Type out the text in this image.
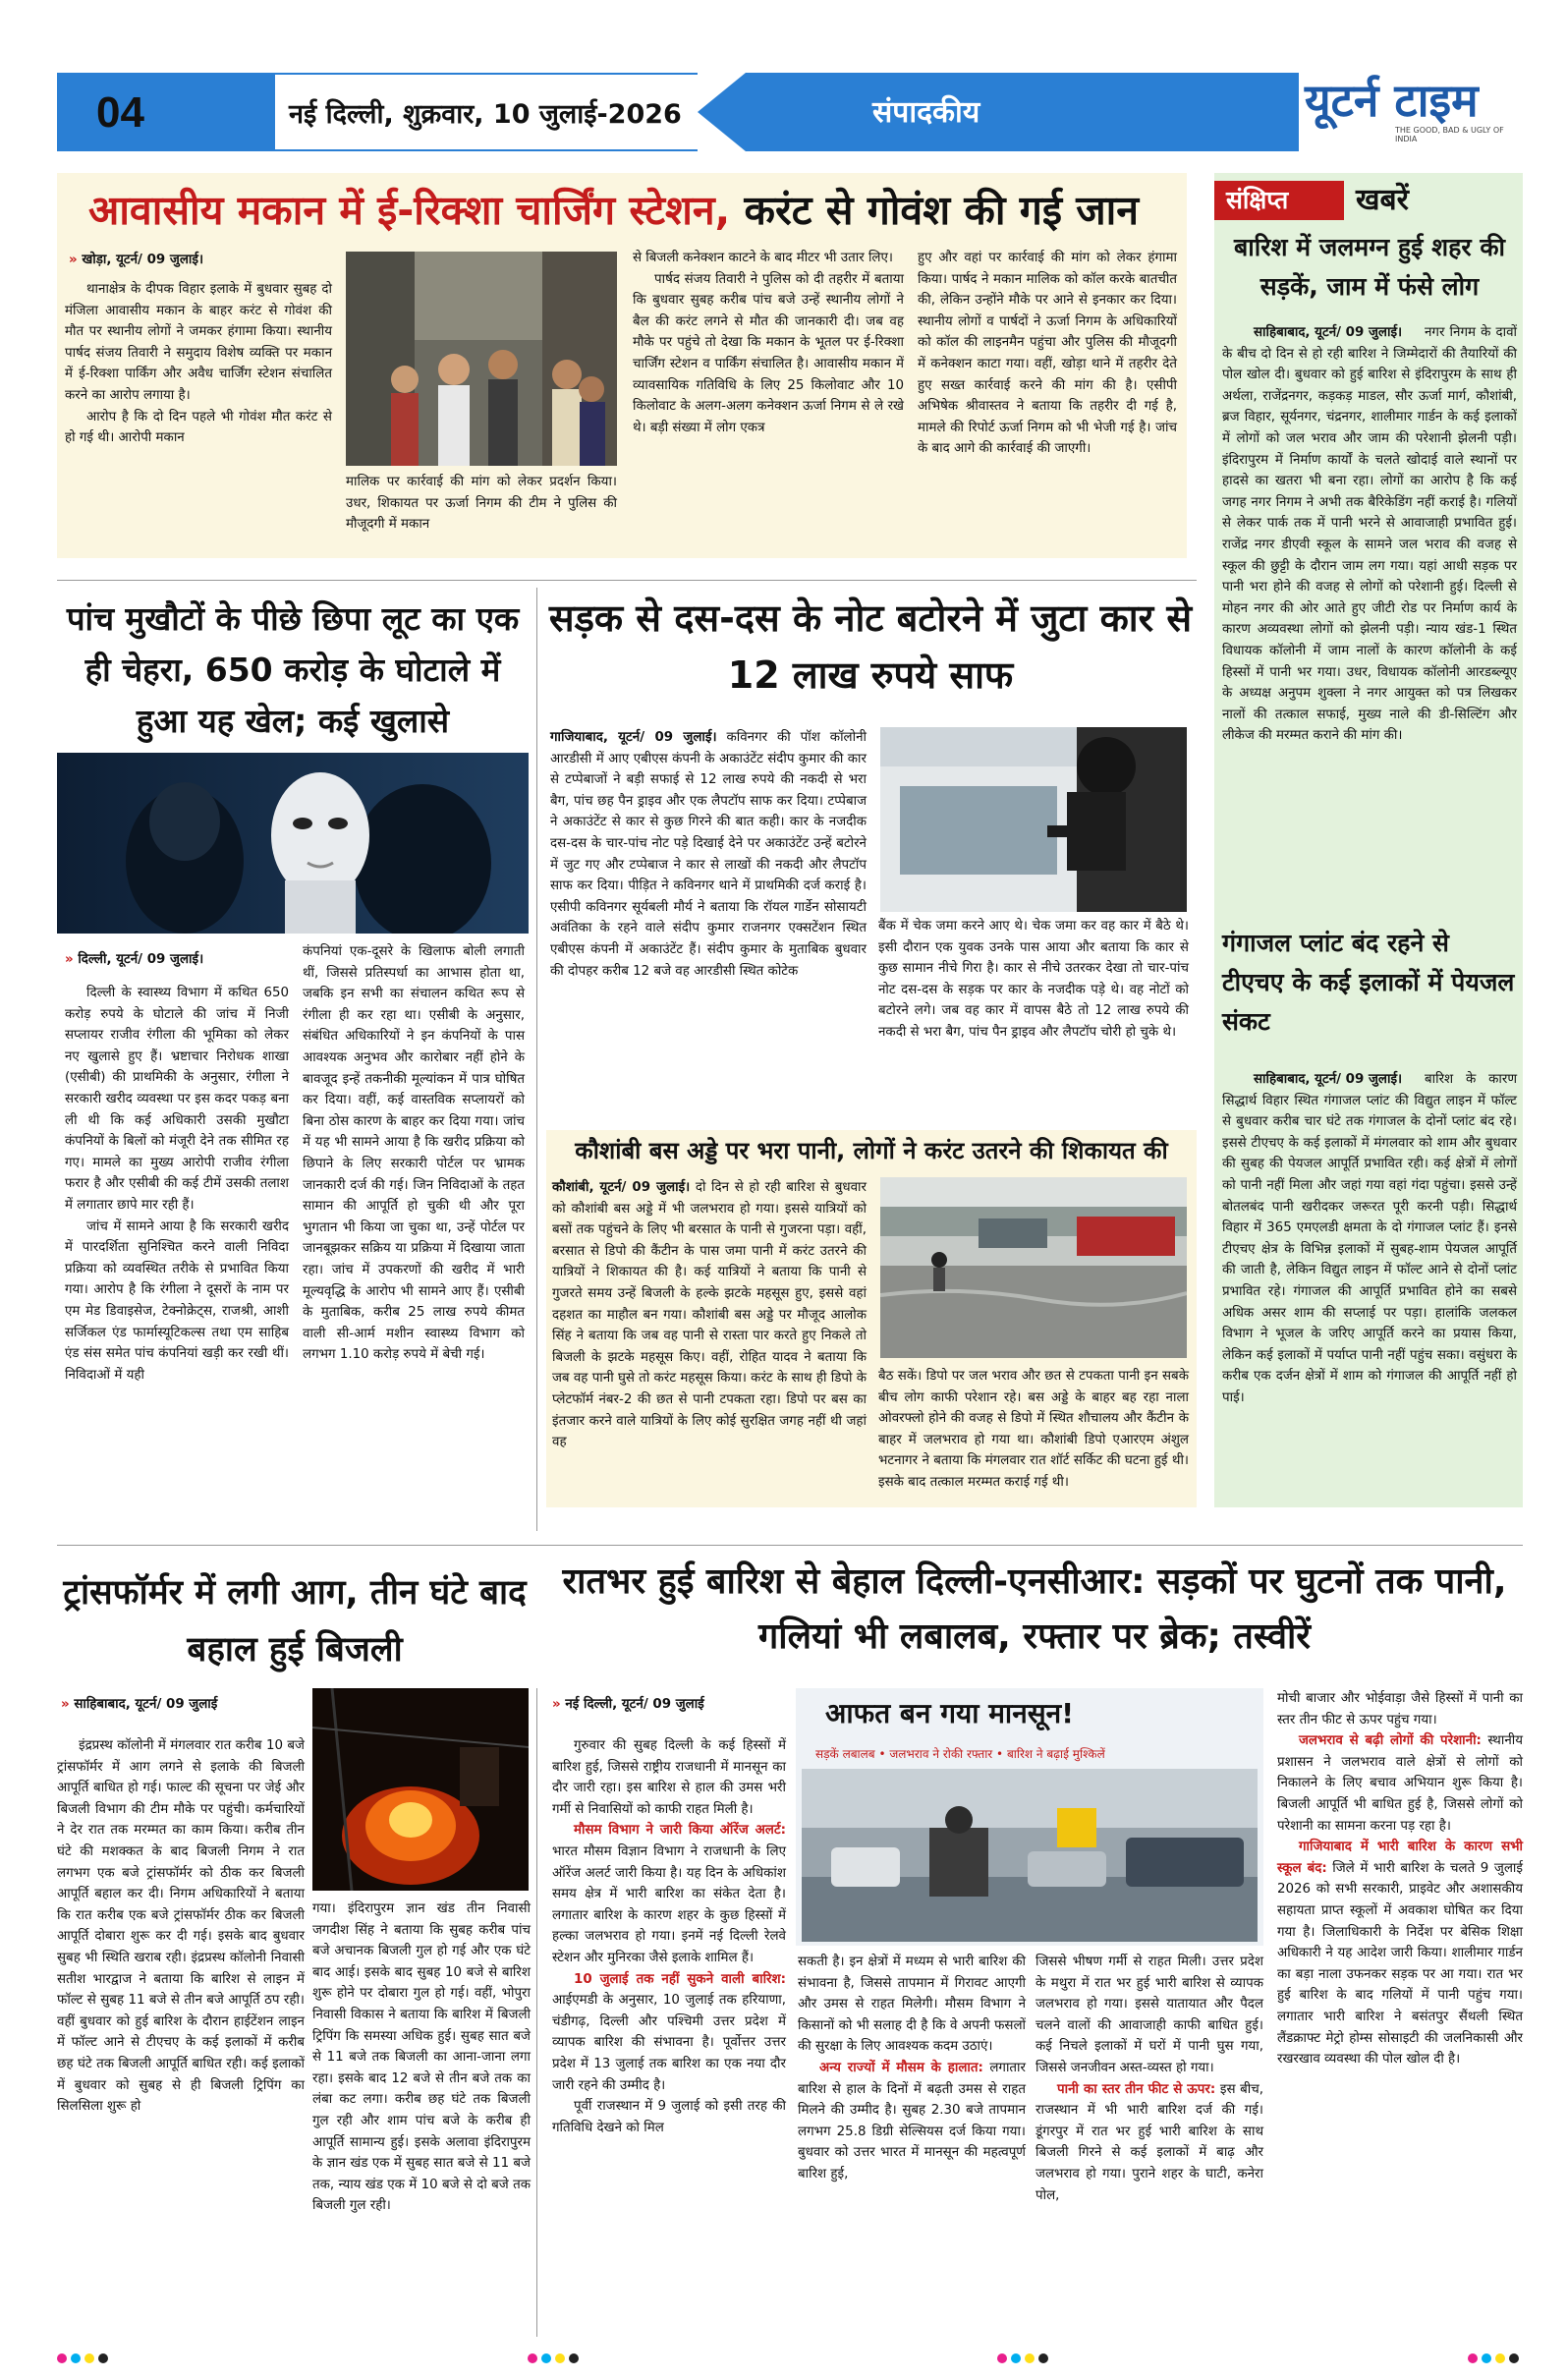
04	नई दिल्ली, शुक्रवार, 10 जुलाई-2026	संपादकीय	यूटर्न टाइम
THE GOOD, BAD & UGLY OF INDIA
आवासीय मकान में ई-रिक्शा चार्जिंग स्टेशन, करंट से गोवंश की गई जान
» खोड़ा, यूटर्न/ 09 जुलाई।

थानाक्षेत्र के दीपक विहार इलाके में बुधवार सुबह दो मंजिला आवासीय मकान के बाहर करंट से गोवंश की मौत पर स्थानीय लोगों ने जमकर हंगामा किया। स्थानीय पार्षद संजय तिवारी ने समुदाय विशेष व्यक्ति पर मकान में ई-रिक्शा पार्किंग और अवैध चार्जिंग स्टेशन संचालित करने का आरोप लगाया है।

आरोप है कि दो दिन पहले भी गोवंश मौत करंट से हो गई थी। आरोपी मकान

मालिक पर कार्रवाई की मांग को लेकर प्रदर्शन किया। उधर, शिकायत पर ऊर्जा निगम की टीम ने पुलिस की मौजूदगी में मकान

से बिजली कनेक्शन काटने के बाद मीटर भी उतार लिए।

पार्षद संजय तिवारी ने पुलिस को दी तहरीर में बताया कि बुधवार सुबह करीब पांच बजे उन्हें स्थानीय लोगों ने बैल की करंट लगने से मौत की जानकारी दी। जब वह मौके पर पहुंचे तो देखा कि मकान के भूतल पर ई-रिक्शा चार्जिंग स्टेशन व पार्किंग संचालित है। आवासीय मकान में व्यावसायिक गतिविधि के लिए 25 किलोवाट और 10 किलोवाट के अलग-अलग कनेक्शन ऊर्जा निगम से ले रखे थे। बड़ी संख्या में लोग एकत्र

हुए और वहां पर कार्रवाई की मांग को लेकर हंगामा किया। पार्षद ने मकान मालिक को कॉल करके बातचीत की, लेकिन उन्होंने मौके पर आने से इनकार कर दिया। स्थानीय लोगों व पार्षदों ने ऊर्जा निगम के अधिकारियों को कॉल की लाइनमैन पहुंचा और पुलिस की मौजूदगी में कनेक्शन काटा गया। वहीं, खोड़ा थाने में तहरीर देते हुए सख्त कार्रवाई करने की मांग की है। एसीपी अभिषेक श्रीवास्तव ने बताया कि तहरीर दी गई है, मामले की रिपोर्ट ऊर्जा निगम को भी भेजी गई है। जांच के बाद आगे की कार्रवाई की जाएगी।

संक्षिप्त	खबरें
बारिश में जलमग्न हुई शहर की सड़कें, जाम में फंसे लोग
साहिबाबाद, यूटर्न/ 09 जुलाई।	नगर निगम के दावों के बीच दो दिन से हो रही बारिश ने जिम्मेदारों की तैयारियों की पोल खोल दी। बुधवार को हुई बारिश से इंदिरापुरम के साथ ही अर्थला, राजेंद्रनगर, कड़कड़ माडल, सौर ऊर्जा मार्ग, कौशांबी, ब्रज विहार, सूर्यनगर, चंद्रनगर, शालीमार गार्डन के कई इलाकों में लोगों को जल भराव और जाम की परेशानी झेलनी पड़ी। इंदिरापुरम में निर्माण कार्यों के चलते खोदाई वाले स्थानों पर हादसे का खतरा भी बना रहा। लोगों का आरोप है कि कई जगह नगर निगम ने अभी तक बैरिकेडिंग नहीं कराई है। गलियों से लेकर पार्क तक में पानी भरने से आवाजाही प्रभावित हुई। राजेंद्र नगर डीएवी स्कूल के सामने जल भराव की वजह से स्कूल की छुट्टी के दौरान जाम लग गया। यहां आधी सड़क पर पानी भरा होने की वजह से लोगों को परेशानी हुई। दिल्ली से मोहन नगर की ओर आते हुए जीटी रोड पर निर्माण कार्य के कारण अव्यवस्था लोगों को झेलनी पड़ी। न्याय खंड-1 स्थित विधायक कॉलोनी में जाम नालों के कारण कॉलोनी के कई हिस्सों में पानी भर गया। उधर, विधायक कॉलोनी आरडब्ल्यूए के अध्यक्ष अनुपम शुक्ला ने नगर आयुक्त को पत्र लिखकर नालों की तत्काल सफाई, मुख्य नाले की डी-सिल्टिंग और लीकेज की मरम्मत कराने की मांग की।

गंगाजल प्लांट बंद रहने से टीएचए के कई इलाकों में पेयजल संकट
साहिबाबाद, यूटर्न/ 09 जुलाई।	बारिश के कारण सिद्धार्थ विहार स्थित गंगाजल प्लांट की विद्युत लाइन में फॉल्ट से बुधवार करीब चार घंटे तक गंगाजल के दोनों प्लांट बंद रहे। इससे टीएचए के कई इलाकों में मंगलवार को शाम और बुधवार की सुबह की पेयजल आपूर्ति प्रभावित रही। कई क्षेत्रों में लोगों को पानी नहीं मिला और जहां गया वहां गंदा पहुंचा। इससे उन्हें बोतलबंद पानी खरीदकर जरूरत पूरी करनी पड़ी। सिद्धार्थ विहार में 365 एमएलडी क्षमता के दो गंगाजल प्लांट हैं। इनसे टीएचए क्षेत्र के विभिन्न इलाकों में सुबह-शाम पेयजल आपूर्ति की जाती है, लेकिन विद्युत लाइन में फॉल्ट आने से दोनों प्लांट प्रभावित रहे। गंगाजल की आपूर्ति प्रभावित होने का सबसे अधिक असर शाम की सप्लाई पर पड़ा। हालांकि जलकल विभाग ने भूजल के जरिए आपूर्ति करने का प्रयास किया, लेकिन कई इलाकों में पर्याप्त पानी नहीं पहुंच सका। वसुंधरा के करीब एक दर्जन क्षेत्रों में शाम को गंगाजल की आपूर्ति नहीं हो पाई।

पांच मुखौटों के पीछे छिपा लूट का एक ही चेहरा, 650 करोड़ के घोटाले में हुआ यह खेल; कई खुलासे
» दिल्ली, यूटर्न/ 09 जुलाई।

दिल्ली के स्वास्थ्य विभाग में कथित 650 करोड़ रुपये के घोटाले की जांच में निजी सप्लायर राजीव रंगीला की भूमिका को लेकर नए खुलासे हुए हैं। भ्रष्टाचार निरोधक शाखा (एसीबी) की प्राथमिकी के अनुसार, रंगीला ने सरकारी खरीद व्यवस्था पर इस कदर पकड़ बना ली थी कि कई अधिकारी उसकी मुखौटा कंपनियों के बिलों को मंजूरी देने तक सीमित रह गए। मामले का मुख्य आरोपी राजीव रंगीला फरार है और एसीबी की कई टीमें उसकी तलाश में लगातार छापे मार रही हैं।

जांच में सामने आया है कि सरकारी खरीद में पारदर्शिता सुनिश्चित करने वाली निविदा प्रक्रिया को व्यवस्थित तरीके से प्रभावित किया गया। आरोप है कि रंगीला ने दूसरों के नाम पर एम मेड डिवाइसेज, टेक्नोक्रेट्स, राजश्री, आशी सर्जिकल एंड फार्मास्यूटिकल्स तथा एम साहिब एंड संस समेत पांच कंपनियां खड़ी कर रखी थीं। निविदाओं में यही

कंपनियां एक-दूसरे के खिलाफ बोली लगाती थीं, जिससे प्रतिस्पर्धा का आभास होता था, जबकि इन सभी का संचालन कथित रूप से रंगीला ही कर रहा था। एसीबी के अनुसार, संबंधित अधिकारियों ने इन कंपनियों के पास आवश्यक अनुभव और कारोबार नहीं होने के बावजूद इन्हें तकनीकी मूल्यांकन में पात्र घोषित कर दिया। वहीं, कई वास्तविक सप्लायरों को बिना ठोस कारण के बाहर कर दिया गया। जांच में यह भी सामने आया है कि खरीद प्रक्रिया को छिपाने के लिए सरकारी पोर्टल पर भ्रामक जानकारी दर्ज की गई। जिन निविदाओं के तहत सामान की आपूर्ति हो चुकी थी और पूरा भुगतान भी किया जा चुका था, उन्हें पोर्टल पर जानबूझकर सक्रिय या प्रक्रिया में दिखाया जाता रहा। जांच में उपकरणों की खरीद में भारी मूल्यवृद्धि के आरोप भी सामने आए हैं। एसीबी के मुताबिक, करीब 25 लाख रुपये कीमत वाली सी-आर्म मशीन स्वास्थ्य विभाग को लगभग 1.10 करोड़ रुपये में बेची गई।
सड़क से दस-दस के नोट बटोरने में जुटा कार से 12 लाख रुपये साफ

गाजियाबाद, यूटर्न/ 09 जुलाई। कविनगर की पॉश कॉलोनी आरडीसी में आए एबीएस कंपनी के अकाउंटेंट संदीप कुमार की कार से टप्पेबाजों ने बड़ी सफाई से 12 लाख रुपये की नकदी से भरा बैग, पांच छह पैन ड्राइव और एक लैपटॉप साफ कर दिया। टप्पेबाज ने अकाउंटेंट से कार से कुछ गिरने की बात कही। कार के नजदीक दस-दस के चार-पांच नोट पड़े दिखाई देने पर अकाउंटेंट उन्हें बटोरने में जुट गए और टप्पेबाज ने कार से लाखों की नकदी और लैपटॉप साफ कर दिया। पीड़ित ने कविनगर थाने में प्राथमिकी दर्ज कराई है। एसीपी कविनगर सूर्यबली मौर्य ने बताया कि रॉयल गार्डेन सोसायटी अवंतिका के रहने वाले संदीप कुमार राजनगर एक्सटेंशन स्थित एबीएस कंपनी में अकाउंटेंट हैं। संदीप कुमार के मुताबिक बुधवार की दोपहर करीब 12 बजे वह आरडीसी स्थित कोटेक

बैंक में चेक जमा करने आए थे। चेक जमा कर वह कार में बैठे थे। इसी दौरान एक युवक उनके पास आया और बताया कि कार से कुछ सामान नीचे गिरा है। कार से नीचे उतरकर देखा तो चार-पांच नोट दस-दस के सड़क पर कार के नजदीक पड़े थे। वह नोटों को बटोरने लगे। जब वह कार में वापस बैठे तो 12 लाख रुपये की नकदी से भरा बैग, पांच पैन ड्राइव और लैपटॉप चोरी हो चुके थे।
कौशांबी बस अड्डे पर भरा पानी, लोगों ने करंट उतरने की शिकायत की

कौशांबी, यूटर्न/ 09 जुलाई। दो दिन से हो रही बारिश से बुधवार को कौशांबी बस अड्डे में भी जलभराव हो गया। इससे यात्रियों को बसों तक पहुंचने के लिए भी बरसात के पानी से गुजरना पड़ा। वहीं, बरसात से डिपो की कैंटीन के पास जमा पानी में करंट उतरने की यात्रियों ने शिकायत की है। कई यात्रियों ने बताया कि पानी से गुजरते समय उन्हें बिजली के हल्के झटके महसूस हुए, इससे वहां दहशत का माहौल बन गया। कौशांबी बस अड्डे पर मौजूद आलोक सिंह ने बताया कि जब वह पानी से रास्ता पार करते हुए निकले तो बिजली के झटके महसूस किए। वहीं, रोहित यादव ने बताया कि जब वह पानी घुसे तो करंट महसूस किया। करंट के साथ ही डिपो के प्लेटफॉर्म नंबर-2 की छत से पानी टपकता रहा। डिपो पर बस का इंतजार करने वाले यात्रियों के लिए कोई सुरक्षित जगह नहीं थी जहां वह

बैठ सकें। डिपो पर जल भराव और छत से टपकता पानी इन सबके बीच लोग काफी परेशान रहे। बस अड्डे के बाहर बह रहा नाला ओवरफ्लो होने की वजह से डिपो में स्थित शौचालय और कैंटीन के बाहर में जलभराव हो गया था। कौशांबी डिपो एआरएम अंशुल भटनागर ने बताया कि मंगलवार रात शॉर्ट सर्किट की घटना हुई थी। इसके बाद तत्काल मरम्मत कराई गई थी।
ट्रांसफॉर्मर में लगी आग, तीन घंटे बाद बहाल हुई बिजली
» साहिबाबाद, यूटर्न/ 09 जुलाई

इंद्रप्रस्थ कॉलोनी में मंगलवार रात करीब 10 बजे ट्रांसफॉर्मर में आग लगने से इलाके की बिजली आपूर्ति बाधित हो गई। फाल्ट की सूचना पर जेई और बिजली विभाग की टीम मौके पर पहुंची। कर्मचारियों ने देर रात तक मरम्मत का काम किया। करीब तीन घंटे की मशक्कत के बाद बिजली निगम ने रात लगभग एक बजे ट्रांसफॉर्मर को ठीक कर बिजली आपूर्ति बहाल कर दी। निगम अधिकारियों ने बताया कि रात करीब एक बजे ट्रांसफॉर्मर ठीक कर बिजली आपूर्ति दोबारा शुरू कर दी गई। इसके बाद बुधवार सुबह भी स्थिति खराब रही। इंद्रप्रस्थ कॉलोनी निवासी सतीश भारद्वाज ने बताया कि बारिश से लाइन में फॉल्ट से सुबह 11 बजे से तीन बजे आपूर्ति ठप रही। वहीं बुधवार को हुई बारिश के दौरान हाईटेंशन लाइन में फॉल्ट आने से टीएचए के कई इलाकों में करीब छह घंटे तक बिजली आपूर्ति बाधित रही। कई इलाकों में बुधवार को सुबह से ही बिजली ट्रिपिंग का सिलसिला शुरू हो

गया। इंदिरापुरम ज्ञान खंड तीन निवासी जगदीश सिंह ने बताया कि सुबह करीब पांच बजे अचानक बिजली गुल हो गई और एक घंटे बाद आई। इसके बाद सुबह 10 बजे से बारिश शुरू होने पर दोबारा गुल हो गई। वहीं, भोपुरा निवासी विकास ने बताया कि बारिश में बिजली ट्रिपिंग कि समस्या अधिक हुई। सुबह सात बजे से 11 बजे तक बिजली का आना-जाना लगा रहा। इसके बाद 12 बजे से तीन बजे तक का लंबा कट लगा। करीब छह घंटे तक बिजली गुल रही और शाम पांच बजे के करीब ही आपूर्ति सामान्य हुई। इसके अलावा इंदिरापुरम के ज्ञान खंड एक में सुबह सात बजे से 11 बजे तक, न्याय खंड एक में 10 बजे से दो बजे तक बिजली गुल रही।
रातभर हुई बारिश से बेहाल दिल्ली-एनसीआर: सड़कों पर घुटनों तक पानी, गलियां भी लबालब, रफ्तार पर ब्रेक; तस्वीरें
» नई दिल्ली, यूटर्न/ 09 जुलाई

गुरुवार की सुबह दिल्ली के कई हिस्सों में बारिश हुई, जिससे राष्ट्रीय राजधानी में मानसून का दौर जारी रहा। इस बारिश से हाल की उमस भरी गर्मी से निवासियों को काफी राहत मिली है।

मौसम विभाग ने जारी किया ऑरेंज अलर्ट: भारत मौसम विज्ञान विभाग ने राजधानी के लिए ऑरेंज अलर्ट जारी किया है। यह दिन के अधिकांश समय क्षेत्र में भारी बारिश का संकेत देता है। लगातार बारिश के कारण शहर के कुछ हिस्सों में हल्का जलभराव हो गया। इनमें नई दिल्ली रेलवे स्टेशन और मुनिरका जैसे इलाके शामिल हैं।

10 जुलाई तक नहीं सुकने वाली बारिश: आईएमडी के अनुसार, 10 जुलाई तक हरियाणा, चंडीगढ़, दिल्ली और पश्चिमी उत्तर प्रदेश में व्यापक बारिश की संभावना है। पूर्वोत्तर उत्तर प्रदेश में 13 जुलाई तक बारिश का एक नया दौर जारी रहने की उम्मीद है।

पूर्वी राजस्थान में 9 जुलाई को इसी तरह की गतिविधि देखने को मिल

आफत बन गया मानसून!
सड़कें लबालब • जलभराव ने रोकी रफ्तार • बारिश ने बढ़ाई मुश्किलें

सकती है। इन क्षेत्रों में मध्यम से भारी बारिश की संभावना है, जिससे तापमान में गिरावट आएगी और उमस से राहत मिलेगी। मौसम विभाग ने किसानों को भी सलाह दी है कि वे अपनी फसलों की सुरक्षा के लिए आवश्यक कदम उठाएं।

अन्य राज्यों में मौसम के हालात: लगातार बारिश से हाल के दिनों में बढ़ती उमस से राहत मिलने की उम्मीद है। सुबह 2.30 बजे तापमान लगभग 25.8 डिग्री सेल्सियस दर्ज किया गया। बुधवार को उत्तर भारत में मानसून की महत्वपूर्ण बारिश हुई,

जिससे भीषण गर्मी से राहत मिली। उत्तर प्रदेश के मथुरा में रात भर हुई भारी बारिश से व्यापक जलभराव हो गया। इससे यातायात और पैदल चलने वालों की आवाजाही काफी बाधित हुई। कई निचले इलाकों में घरों में पानी घुस गया, जिससे जनजीवन अस्त-व्यस्त हो गया।

पानी का स्तर तीन फीट से ऊपर: इस बीच, राजस्थान में भी भारी बारिश दर्ज की गई। डूंगरपुर में रात भर हुई भारी बारिश के साथ बिजली गिरने से कई इलाकों में बाढ़ और जलभराव हो गया। पुराने शहर के घाटी, कनेरा पोल,

मोची बाजार और भोईवाड़ा जैसे हिस्सों में पानी का स्तर तीन फीट से ऊपर पहुंच गया।

जलभराव से बढ़ी लोगों की परेशानी: स्थानीय प्रशासन ने जलभराव वाले क्षेत्रों से लोगों को निकालने के लिए बचाव अभियान शुरू किया है। बिजली आपूर्ति भी बाधित हुई है, जिससे लोगों को परेशानी का सामना करना पड़ रहा है।

गाजियाबाद में भारी बारिश के कारण सभी स्कूल बंद: जिले में भारी बारिश के चलते 9 जुलाई 2026 को सभी सरकारी, प्राइवेट और अशासकीय सहायता प्राप्त स्कूलों में अवकाश घोषित कर दिया गया है। जिलाधिकारी के निर्देश पर बेसिक शिक्षा अधिकारी ने यह आदेश जारी किया। शालीमार गार्डन का बड़ा नाला उफनकर सड़क पर आ गया। रात भर हुई बारिश के बाद गलियों में पानी पहुंच गया। लगातार भारी बारिश ने बसंतपुर सैंथली स्थित लैंडक्राफ्ट मेट्रो होम्स सोसाइटी की जलनिकासी और रखरखाव व्यवस्था की पोल खोल दी है।
